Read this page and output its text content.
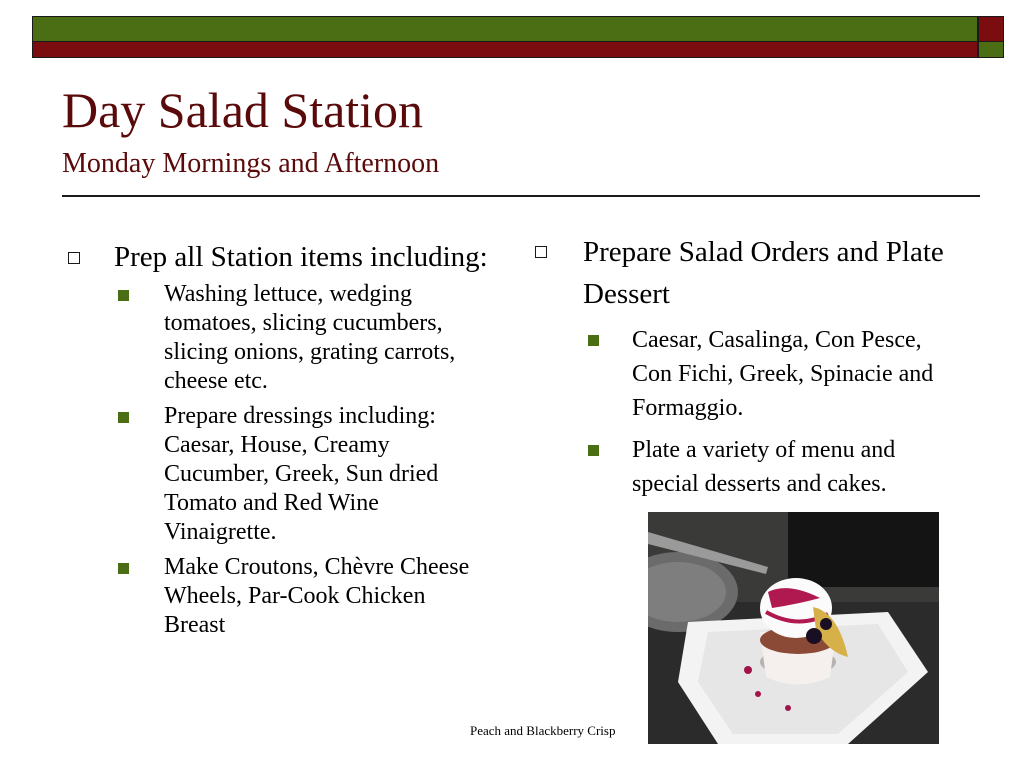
Day Salad Station
Monday Mornings and Afternoon
Prep all Station items including:
Washing lettuce, wedging tomatoes, slicing cucumbers, slicing onions, grating carrots, cheese etc.
Prepare dressings including: Caesar, House, Creamy Cucumber, Greek, Sun dried Tomato and Red Wine Vinaigrette.
Make Croutons, Chèvre Cheese Wheels, Par-Cook Chicken Breast
Prepare Salad Orders and Plate Dessert
Caesar, Casalinga, Con Pesce, Con Fichi, Greek, Spinacie and Formaggio.
Plate a variety of menu and special desserts and cakes.
Peach and Blackberry Crisp
